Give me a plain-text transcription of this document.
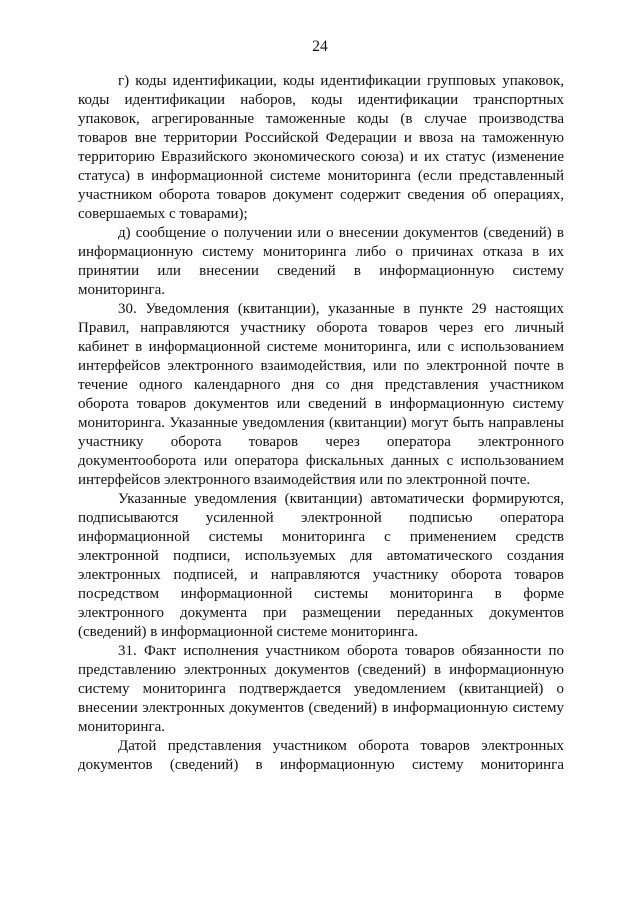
24

г) коды идентификации, коды идентификации групповых упаковок, коды идентификации наборов, коды идентификации транспортных упаковок, агрегированные таможенные коды (в случае производства товаров вне территории Российской Федерации и ввоза на таможенную территорию Евразийского экономического союза) и их статус (изменение статуса) в информационной системе мониторинга (если представленный участником оборота товаров документ содержит сведения об операциях, совершаемых с товарами);

д) сообщение о получении или о внесении документов (сведений) в информационную систему мониторинга либо о причинах отказа в их принятии или внесении сведений в информационную систему мониторинга.

30. Уведомления (квитанции), указанные в пункте 29 настоящих Правил, направляются участнику оборота товаров через его личный кабинет в информационной системе мониторинга, или с использованием интерфейсов электронного взаимодействия, или по электронной почте в течение одного календарного дня со дня представления участником оборота товаров документов или сведений в информационную систему мониторинга. Указанные уведомления (квитанции) могут быть направлены участнику оборота товаров через оператора электронного документооборота или оператора фискальных данных с использованием интерфейсов электронного взаимодействия или по электронной почте.

Указанные уведомления (квитанции) автоматически формируются, подписываются усиленной электронной подписью оператора информационной системы мониторинга с применением средств электронной подписи, используемых для автоматического создания электронных подписей, и направляются участнику оборота товаров посредством информационной системы мониторинга в форме электронного документа при размещении переданных документов (сведений) в информационной системе мониторинга.

31. Факт исполнения участником оборота товаров обязанности по представлению электронных документов (сведений) в информационную систему мониторинга подтверждается уведомлением (квитанцией) о внесении электронных документов (сведений) в информационную систему мониторинга.

Датой представления участником оборота товаров электронных документов (сведений) в информационную систему мониторинга
